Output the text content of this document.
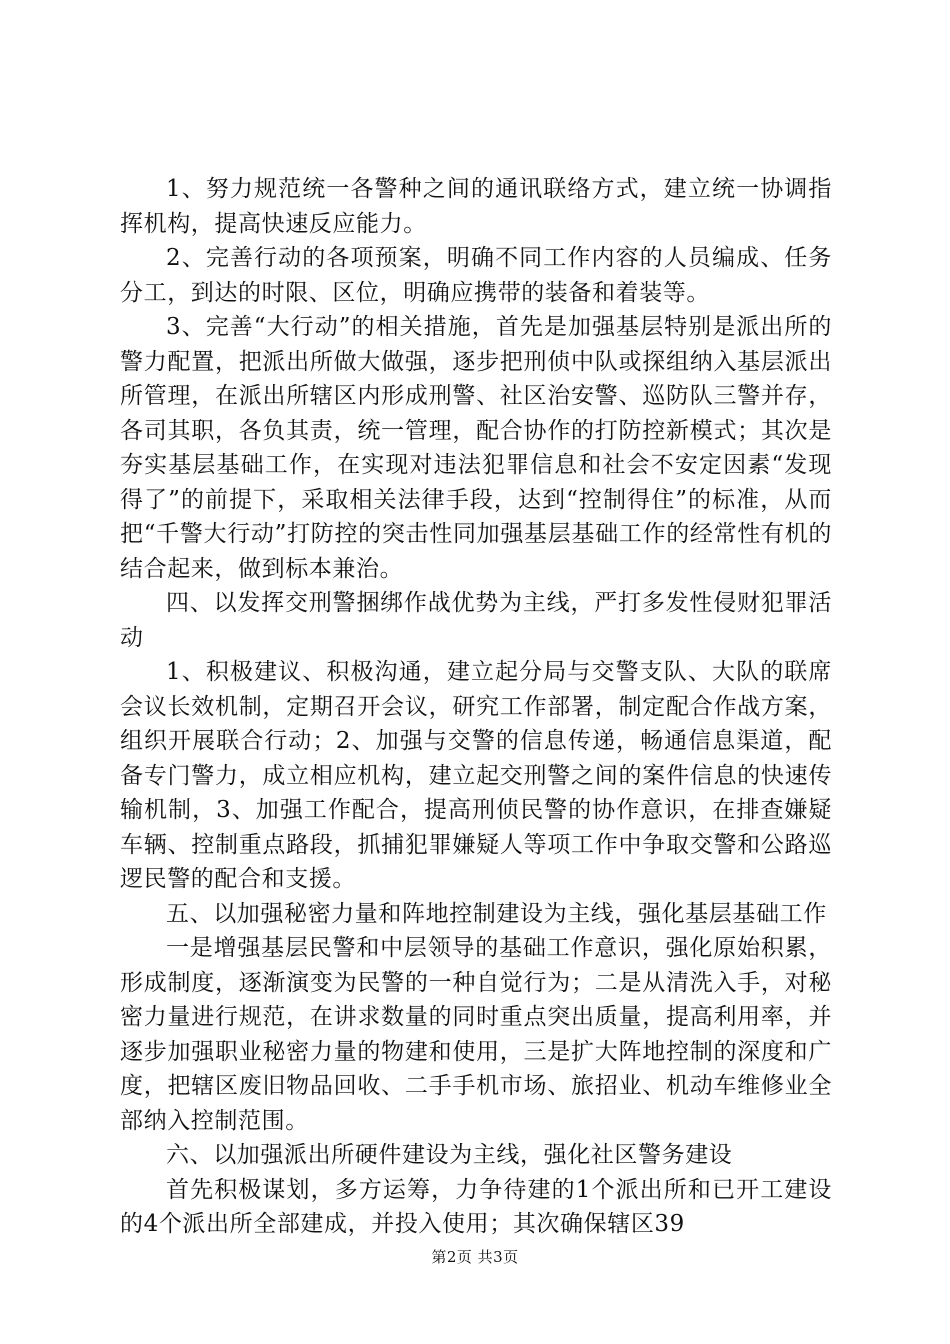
1、努力规范统一各警种之间的通讯联络方式，建立统一协调指挥机构，提高快速反应能力。

2、完善行动的各项预案，明确不同工作内容的人员编成、任务分工，到达的时限、区位，明确应携带的装备和着装等。

3、完善“大行动”的相关措施，首先是加强基层特别是派出所的警力配置，把派出所做大做强，逐步把刑侦中队或探组纳入基层派出所管理，在派出所辖区内形成刑警、社区治安警、巡防队三警并存，各司其职，各负其责，统一管理，配合协作的打防控新模式；其次是夯实基层基础工作，在实现对违法犯罪信息和社会不安定因素“发现得了”的前提下，采取相关法律手段，达到“控制得住”的标准，从而把“千警大行动”打防控的突击性同加强基层基础工作的经常性有机的结合起来，做到标本兼治。

四、以发挥交刑警捆绑作战优势为主线，严打多发性侵财犯罪活动

1、积极建议、积极沟通，建立起分局与交警支队、大队的联席会议长效机制，定期召开会议，研究工作部署，制定配合作战方案，组织开展联合行动；2、加强与交警的信息传递，畅通信息渠道，配备专门警力，成立相应机构，建立起交刑警之间的案件信息的快速传输机制，3、加强工作配合，提高刑侦民警的协作意识，在排查嫌疑车辆、控制重点路段，抓捕犯罪嫌疑人等项工作中争取交警和公路巡逻民警的配合和支援。

五、以加强秘密力量和阵地控制建设为主线，强化基层基础工作

一是增强基层民警和中层领导的基础工作意识，强化原始积累，形成制度，逐渐演变为民警的一种自觉行为；二是从清洗入手，对秘密力量进行规范，在讲求数量的同时重点突出质量，提高利用率，并逐步加强职业秘密力量的物建和使用，三是扩大阵地控制的深度和广度，把辖区废旧物品回收、二手手机市场、旅招业、机动车维修业全部纳入控制范围。

六、以加强派出所硬件建设为主线，强化社区警务建设

首先积极谋划，多方运筹，力争待建的1个派出所和已开工建设的4个派出所全部建成，并投入使用；其次确保辖区39

第2页 共3页
